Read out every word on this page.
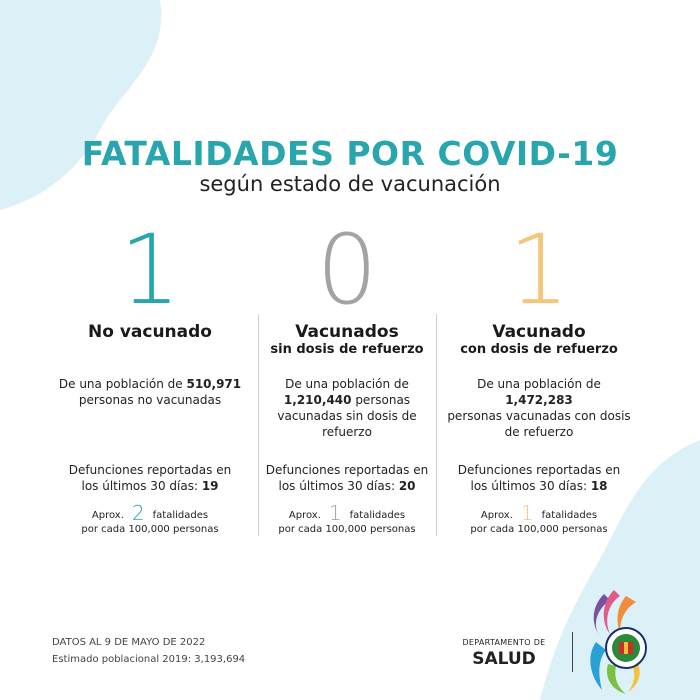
FATALIDADES POR COVID-19
según estado de vacunación
1
No vacunado
De una población de 510,971
personas no vacunadas
Defunciones reportadas en
los últimos 30 días: 19
Aprox. 2 fatalidades
por cada 100,000 personas
0
Vacunados
sin dosis de refuerzo
De una población de
1,210,440 personas vacunadas sin dosis de refuerzo
Defunciones reportadas en
los últimos 30 días: 20
Aprox. 1 fatalidades
por cada 100,000 personas
1
Vacunado
con dosis de refuerzo
De una población de 1,472,283
personas vacunadas con dosis de refuerzo
Defunciones reportadas en
los últimos 30 días: 18
Aprox. 1 fatalidades
por cada 100,000 personas
DATOS AL 9 DE MAYO DE 2022
Estimado poblacional 2019: 3,193,694
DEPARTAMENTO DE
SALUD
